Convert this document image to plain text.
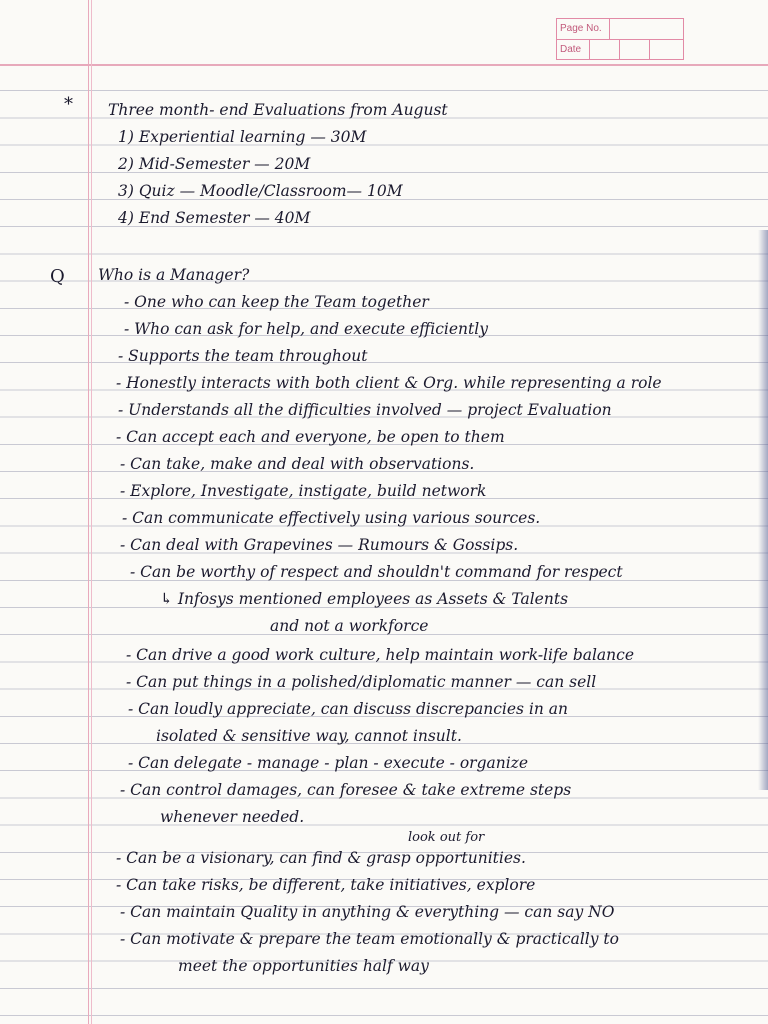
Page No.
Date
*
Q
Three month- end Evaluations from August
1) Experiential learning — 30M
2) Mid-Semester — 20M
3) Quiz — Moodle/Classroom— 10M
4) End Semester — 40M
Who is a Manager?
- One who can keep the Team together
- Who can ask for help, and execute efficiently
- Supports the team throughout
- Honestly interacts with both client & Org. while representing a role
- Understands all the difficulties involved — project Evaluation
- Can accept each and everyone, be open to them
- Can take, make and deal with observations.
- Explore, Investigate, instigate, build network
- Can communicate effectively using various sources.
- Can deal with Grapevines — Rumours & Gossips.
- Can be worthy of respect and shouldn't command for respect
↳ Infosys mentioned employees as Assets & Talents
and not a workforce
- Can drive a good work culture, help maintain work-life balance
- Can put things in a polished/diplomatic manner — can sell
- Can loudly appreciate, can discuss discrepancies in an
isolated & sensitive way, cannot insult.
- Can delegate - manage - plan - execute - organize
- Can control damages, can foresee & take extreme steps
whenever needed.
look out for
- Can be a visionary, can find & grasp opportunities.
- Can take risks, be different, take initiatives, explore
- Can maintain Quality in anything & everything — can say NO
- Can motivate & prepare the team emotionally & practically to
meet the opportunities half way
